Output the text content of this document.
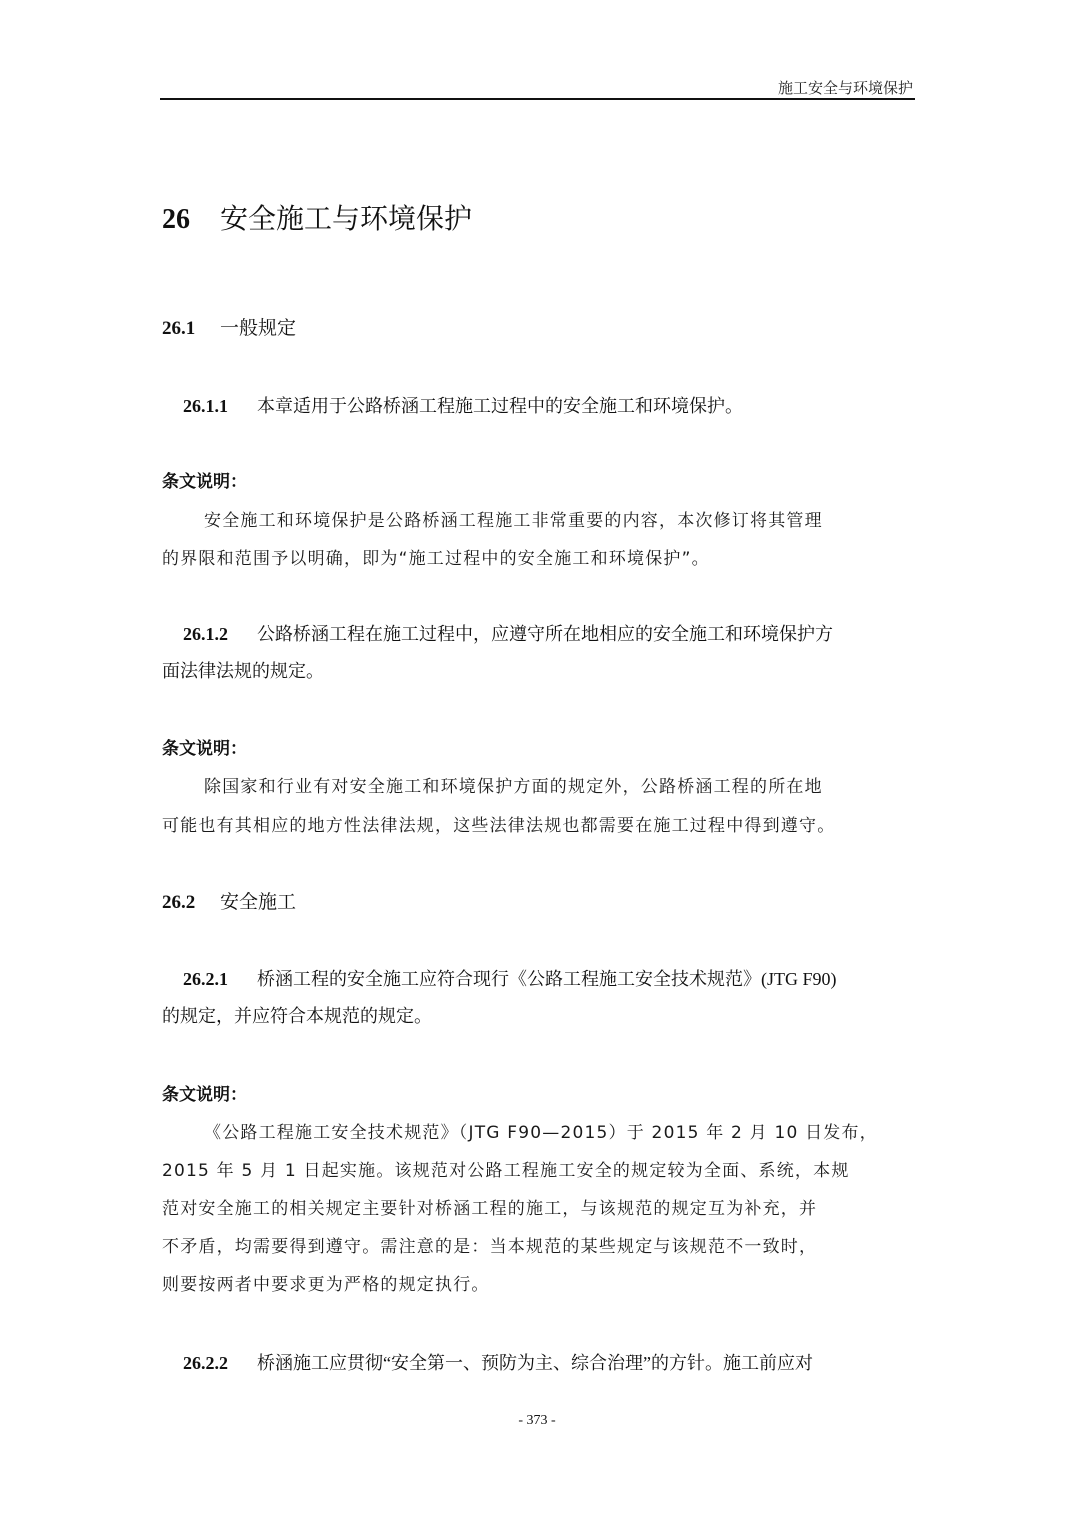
施工安全与环境保护
26 安全施工与环境保护
26.1 一般规定
26.1.1 本章适用于公路桥涵工程施工过程中的安全施工和环境保护。
条文说明：
安全施工和环境保护是公路桥涵工程施工非常重要的内容，本次修订将其管理
的界限和范围予以明确，即为“施工过程中的安全施工和环境保护”。
26.1.2 公路桥涵工程在施工过程中，应遵守所在地相应的安全施工和环境保护方
面法律法规的规定。
条文说明：
除国家和行业有对安全施工和环境保护方面的规定外，公路桥涵工程的所在地
可能也有其相应的地方性法律法规，这些法律法规也都需要在施工过程中得到遵守。
26.2 安全施工
26.2.1 桥涵工程的安全施工应符合现行《公路工程施工安全技术规范》(JTG F90)
的规定，并应符合本规范的规定。
条文说明：
《公路工程施工安全技术规范》（JTG F90—2015）于 2015 年 2 月 10 日发布，
2015 年 5 月 1 日起实施。该规范对公路工程施工安全的规定较为全面、系统，本规
范对安全施工的相关规定主要针对桥涵工程的施工，与该规范的规定互为补充，并
不矛盾，均需要得到遵守。需注意的是：当本规范的某些规定与该规范不一致时，
则要按两者中要求更为严格的规定执行。
26.2.2 桥涵施工应贯彻“安全第一、预防为主、综合治理”的方针。施工前应对
- 373 -
